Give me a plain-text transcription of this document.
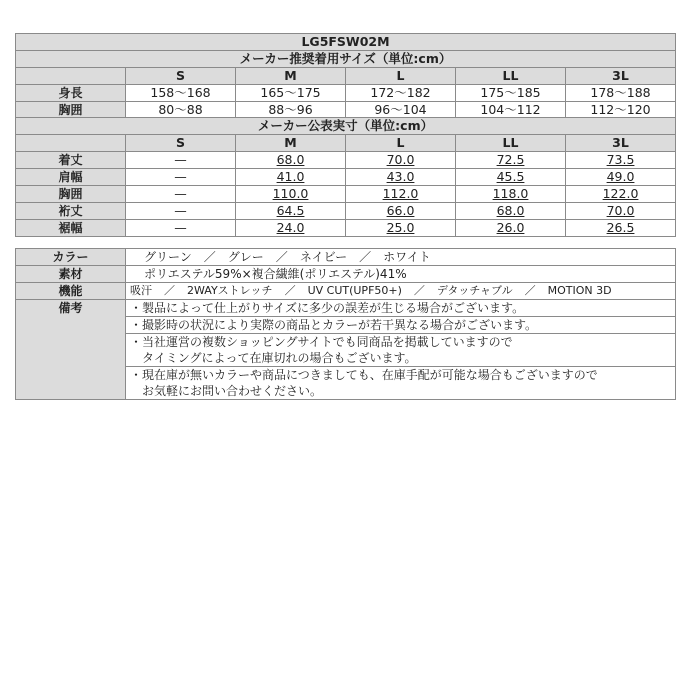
LG5FSW02M					
メーカー推奨着用サイズ（単位:cm）					
	S	M	L	LL	3L
身長	158〜168	165〜175	172〜182	175〜185	178〜188
胸囲	80〜88	88〜96	96〜104	104〜112	112〜120
メーカー公表実寸（単位:cm）					
	S	M	L	LL	3L
着丈	—	68.0	70.0	72.5	73.5
肩幅	—	41.0	43.0	45.5	49.0
胸囲	—	110.0	112.0	118.0	122.0
裄丈	—	64.5	66.0	68.0	70.0
裾幅	—	24.0	25.0	26.0	26.5
カラー	グリーン ／ グレー ／ ネイビー ／ ホワイト
素材	ポリエステル59%×複合繊維(ポリエステル)41%
機能	吸汗 ／ 2WAYストレッチ ／ UV CUT(UPF50+) ／ デタッチャブル ／ MOTION 3D
備考	・製品によって仕上がりサイズに多少の誤差が生じる場合がございます。

	・撮影時の状況により実際の商品とカラーが若干異なる場合がございます。

	・当社運営の複数ショッピングサイトでも同商品を掲載していますので
　タイミングによって在庫切れの場合もございます。

	・現在庫が無いカラーや商品につきましても、在庫手配が可能な場合もございますので
　お気軽にお問い合わせください。
